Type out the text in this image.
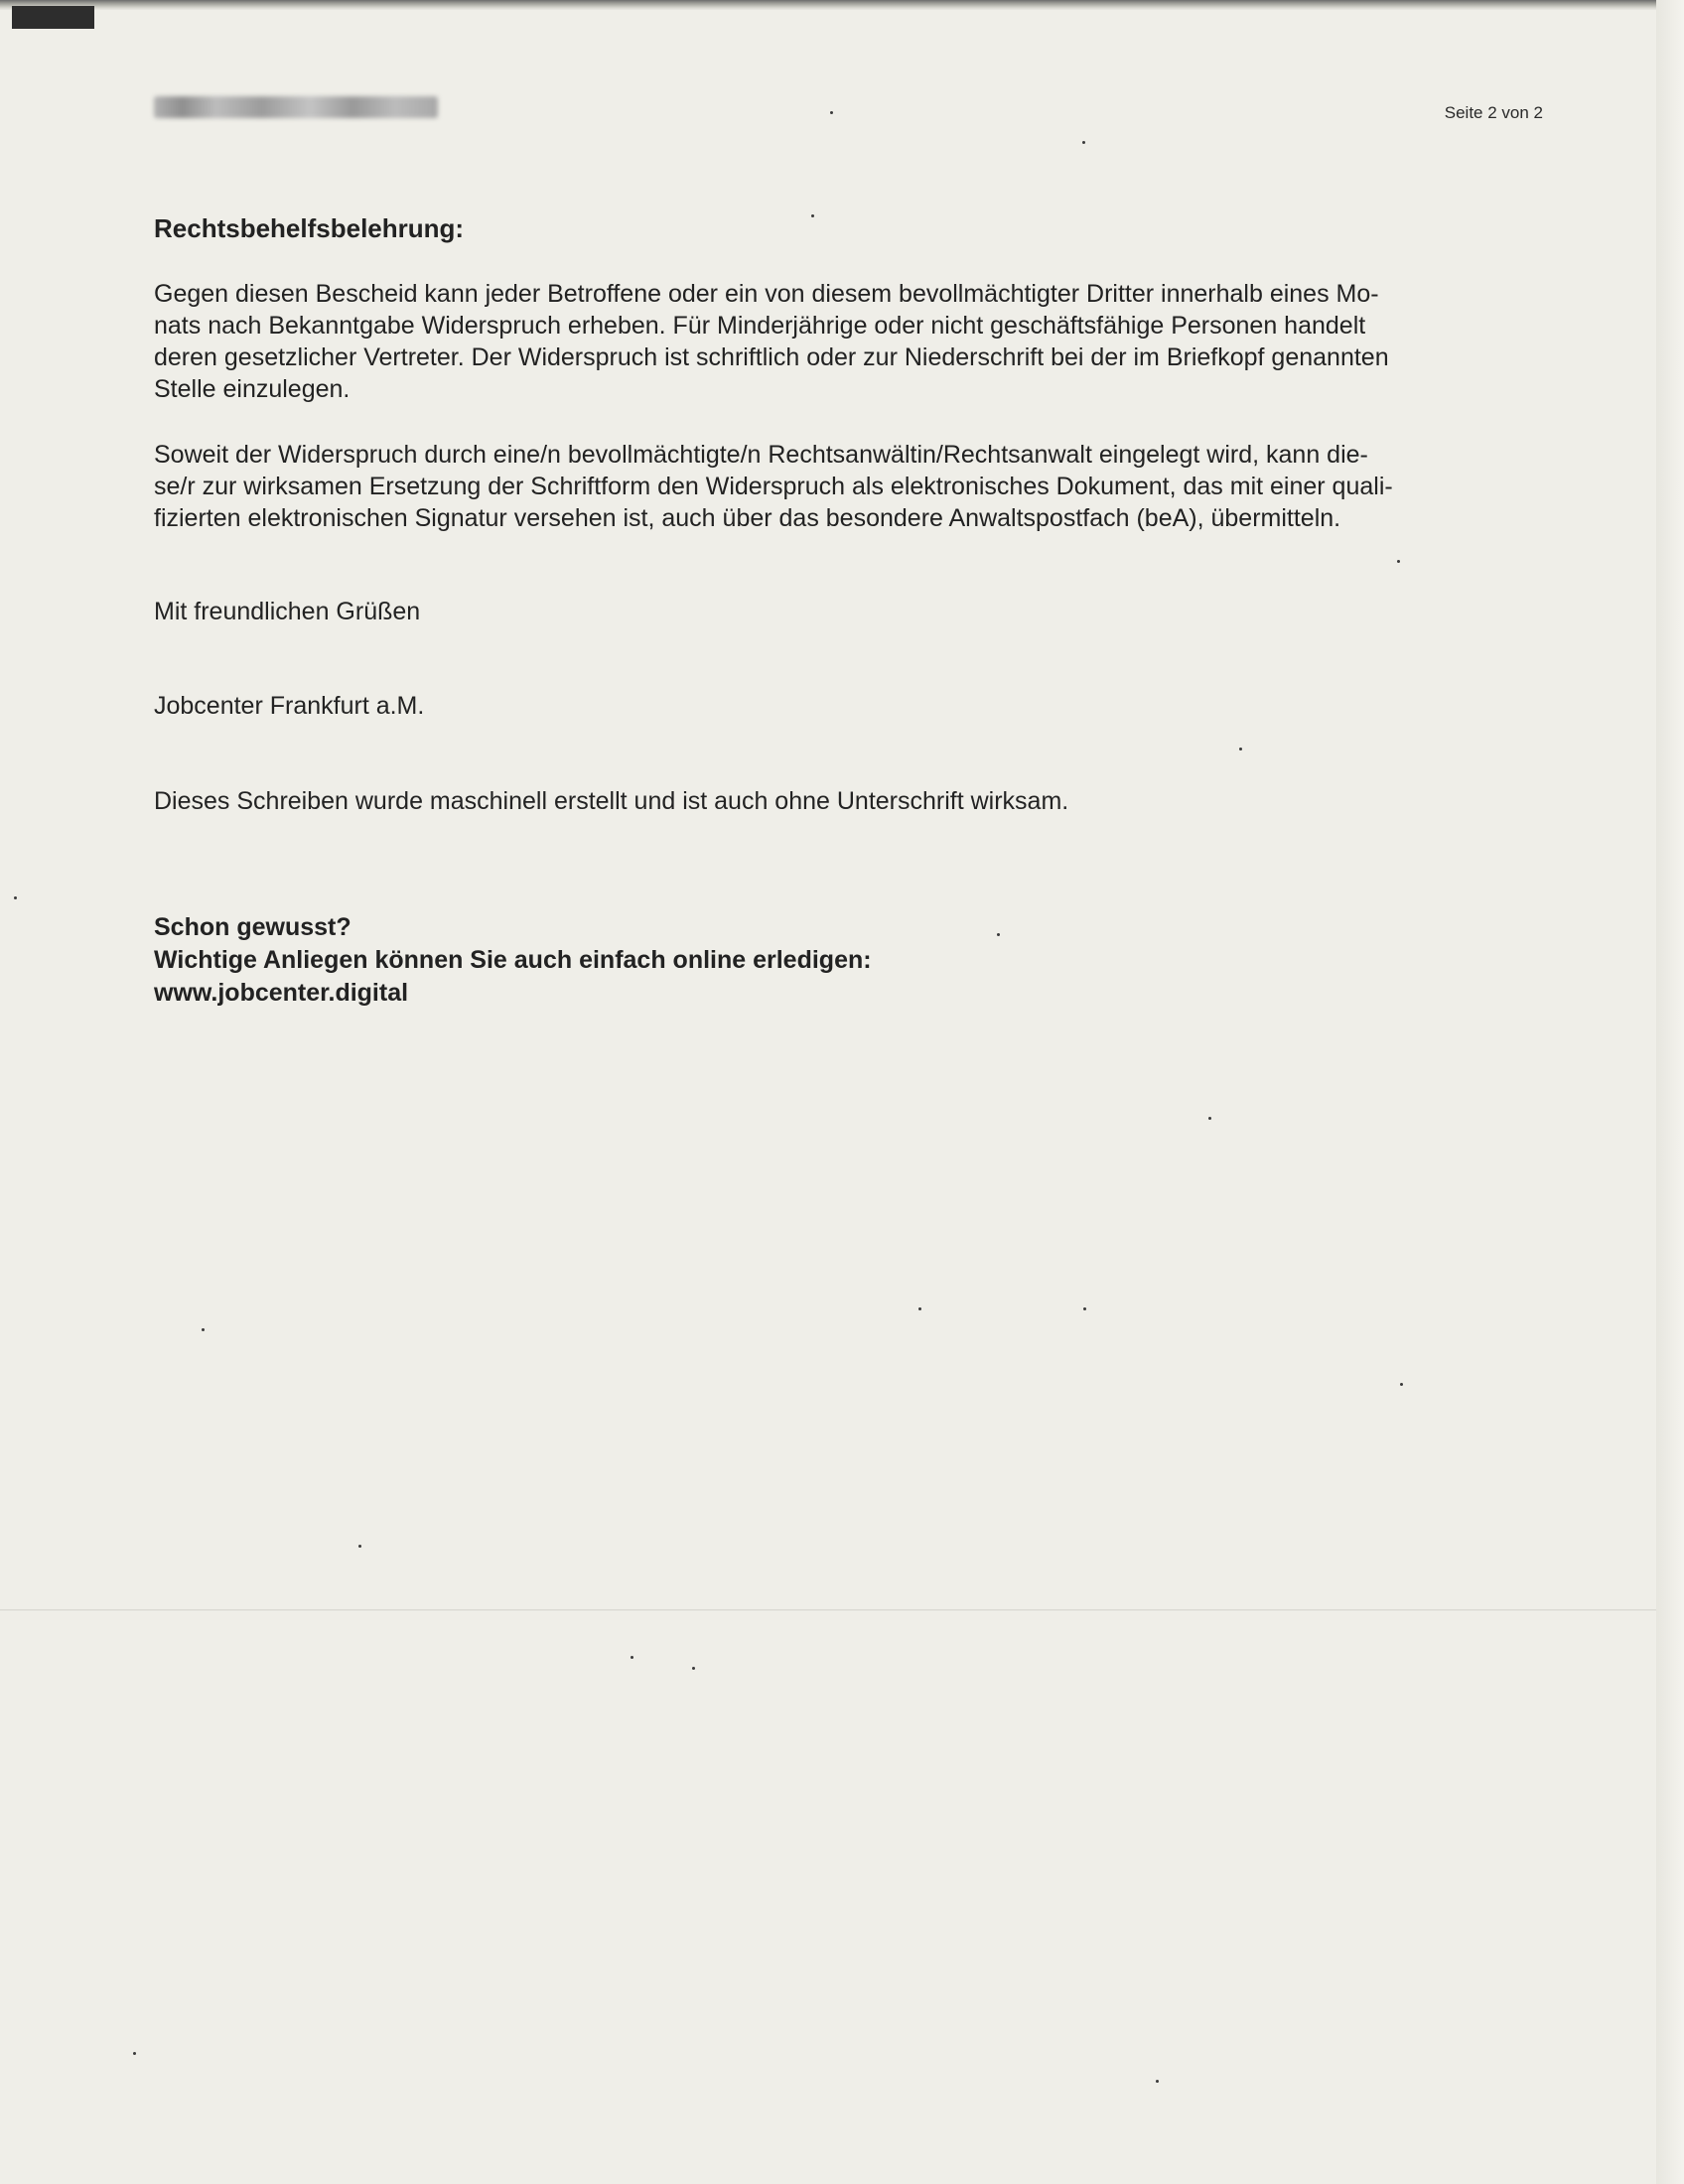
Seite 2 von 2
Rechtsbehelfsbelehrung:
Gegen diesen Bescheid kann jeder Betroffene oder ein von diesem bevollmächtigter Dritter innerhalb eines Mo-
nats nach Bekanntgabe Widerspruch erheben. Für Minderjährige oder nicht geschäftsfähige Personen handelt
deren gesetzlicher Vertreter. Der Widerspruch ist schriftlich oder zur Niederschrift bei der im Briefkopf genannten
Stelle einzulegen.
Soweit der Widerspruch durch eine/n bevollmächtigte/n Rechtsanwältin/Rechtsanwalt eingelegt wird, kann die-
se/r zur wirksamen Ersetzung der Schriftform den Widerspruch als elektronisches Dokument, das mit einer quali-
fizierten elektronischen Signatur versehen ist, auch über das besondere Anwaltspostfach (beA), übermitteln.
Mit freundlichen Grüßen
Jobcenter Frankfurt a.M.
Dieses Schreiben wurde maschinell erstellt und ist auch ohne Unterschrift wirksam.
Schon gewusst?
Wichtige Anliegen können Sie auch einfach online erledigen:
www.jobcenter.digital
